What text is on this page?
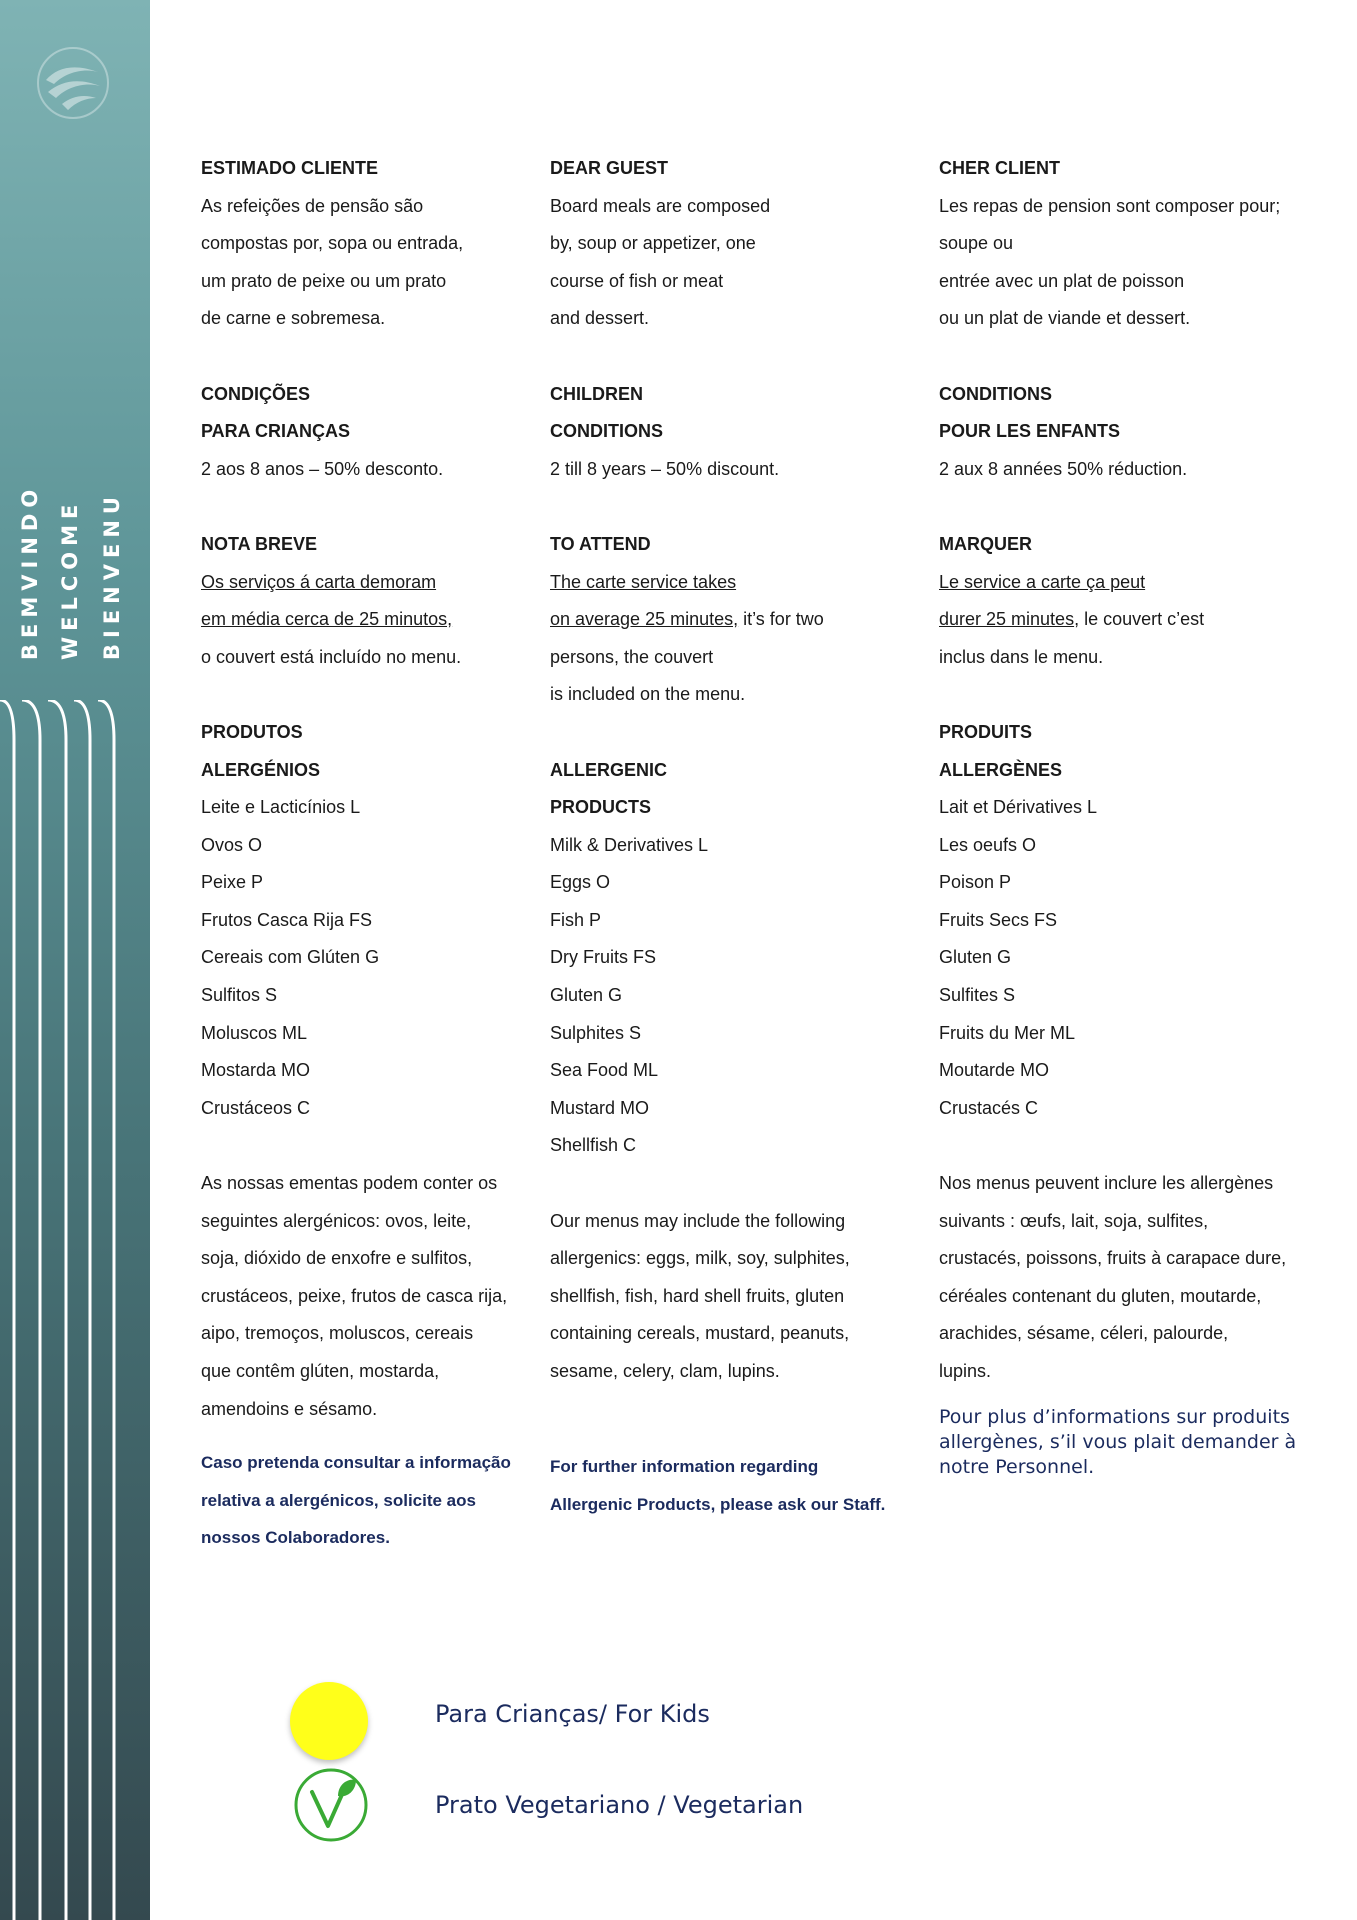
BEMVINDO WELCOME BIENVENU
ESTIMADO CLIENTE
As refeições de pensão são
compostas por, sopa ou entrada,
um prato de peixe ou um prato
de carne e sobremesa.
CONDIÇÕES
PARA CRIANÇAS
2 aos 8 anos – 50% desconto.
NOTA BREVE
Os serviços á carta demoram
em média cerca de 25 minutos,
o couvert está incluído no menu.
PRODUTOS
ALERGÉNIOS
Leite e Lacticínios L
Ovos O
Peixe P
Frutos Casca Rija FS
Cereais com Glúten G
Sulfitos S
Moluscos ML
Mostarda MO
Crustáceos C
As nossas ementas podem conter os
seguintes alergénicos: ovos, leite,
soja, dióxido de enxofre e sulfitos,
crustáceos, peixe, frutos de casca rija,
aipo, tremoços, moluscos, cereais
que contêm glúten, mostarda,
amendoins e sésamo.
Caso pretenda consultar a informação
relativa a alergénicos, solicite aos
nossos Colaboradores.
DEAR GUEST
Board meals are composed
by, soup or appetizer, one
course of fish or meat
and dessert.
CHILDREN
CONDITIONS
2 till 8 years – 50% discount.
TO ATTEND
The carte service takes
on average 25 minutes, it’s for two
persons, the couvert
is included on the menu.
ALLERGENIC
PRODUCTS
Milk & Derivatives L
Eggs O
Fish P
Dry Fruits FS
Gluten G
Sulphites S
Sea Food ML
Mustard MO
Shellfish C
Our menus may include the following
allergenics: eggs, milk, soy, sulphites,
shellfish, fish, hard shell fruits, gluten
containing cereals, mustard, peanuts,
sesame, celery, clam, lupins.
For further information regarding
Allergenic Products, please ask our Staff.
CHER CLIENT
Les repas de pension sont composer pour;
soupe ou
entrée avec un plat de poisson
ou un plat de viande et dessert.
CONDITIONS
POUR LES ENFANTS
2 aux 8 années 50% réduction.
MARQUER
Le service a carte ça peut
durer 25 minutes, le couvert c’est
inclus dans le menu.
PRODUITS
ALLERGÈNES
Lait et Dérivatives L
Les oeufs O
Poison P
Fruits Secs FS
Gluten G
Sulfites S
Fruits du Mer ML
Moutarde MO
Crustacés C
Nos menus peuvent inclure les allergènes
suivants : œufs, lait, soja, sulfites,
crustacés, poissons, fruits à carapace dure,
céréales contenant du gluten, moutarde,
arachides, sésame, céleri, palourde,
lupins.
Pour plus d’informations sur produits allergènes, s’il vous plait demander à notre Personnel.
Para Crianças/ For Kids
Prato Vegetariano / Vegetarian
